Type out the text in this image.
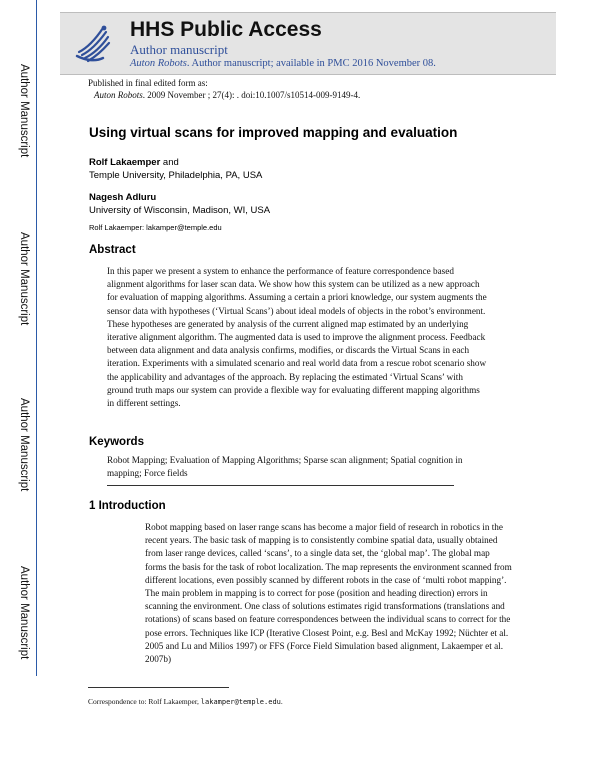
Author Manuscript
Author Manuscript
Author Manuscript
Author Manuscript
HHS Public Access
Author manuscript
Auton Robots. Author manuscript; available in PMC 2016 November 08.
Published in final edited form as:
Auton Robots. 2009 November ; 27(4): . doi:10.1007/s10514-009-9149-4.
Using virtual scans for improved mapping and evaluation
Rolf Lakaemper and
Temple University, Philadelphia, PA, USA
Nagesh Adluru
University of Wisconsin, Madison, WI, USA
Rolf Lakaemper: lakamper@temple.edu
Abstract

In this paper we present a system to enhance the performance of feature correspondence based alignment algorithms for laser scan data. We show how this system can be utilized as a new approach for evaluation of mapping algorithms. Assuming a certain a priori knowledge, our system augments the sensor data with hypotheses (‘Virtual Scans’) about ideal models of objects in the robot’s environment. These hypotheses are generated by analysis of the current aligned map estimated by an underlying iterative alignment algorithm. The augmented data is used to improve the alignment process. Feedback between data alignment and data analysis confirms, modifies, or discards the Virtual Scans in each iteration. Experiments with a simulated scenario and real world data from a rescue robot scenario show the applicability and advantages of the approach. By replacing the estimated ‘Virtual Scans’ with ground truth maps our system can provide a flexible way for evaluating different mapping algorithms in different settings.

Keywords

Robot Mapping; Evaluation of Mapping Algorithms; Sparse scan alignment; Spatial cognition in mapping; Force fields

1 Introduction

Robot mapping based on laser range scans has become a major field of research in robotics in the recent years. The basic task of mapping is to consistently combine spatial data, usually obtained from laser range devices, called ‘scans’, to a single data set, the ‘global map’. The global map forms the basis for the task of robot localization. The map represents the environment scanned from different locations, even possibly scanned by different robots in the case of ‘multi robot mapping’. The main problem in mapping is to correct for pose (position and heading direction) errors in scanning the environment. One class of solutions estimates rigid transformations (translations and rotations) of scans based on feature correspondences between the individual scans to correct for the pose errors. Techniques like ICP (Iterative Closest Point, e.g. Besl and McKay 1992; Nüchter et al. 2005 and Lu and Milios 1997) or FFS (Force Field Simulation based alignment, Lakaemper et al. 2007b)

Correspondence to: Rolf Lakaemper, lakamper@temple.edu.
